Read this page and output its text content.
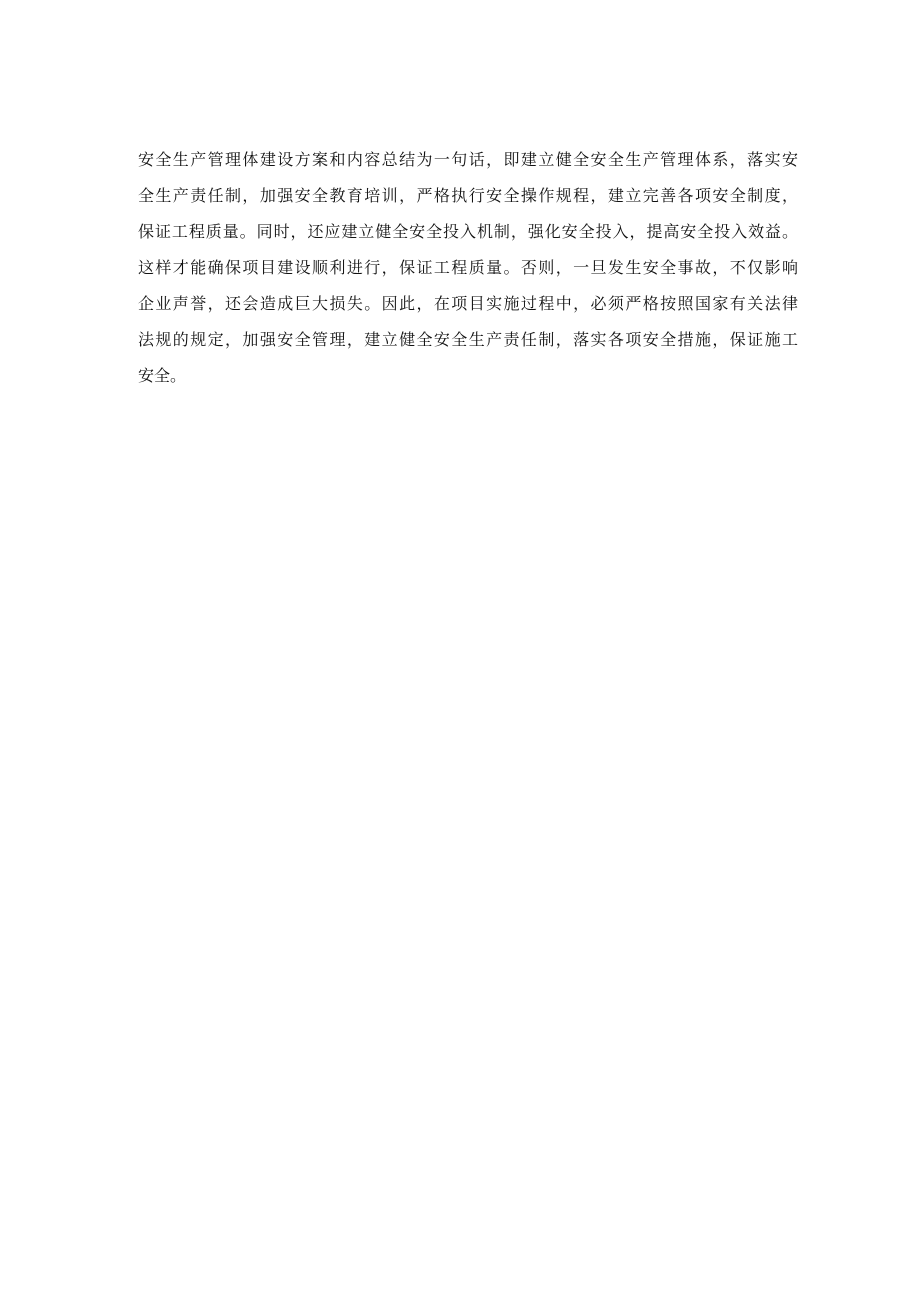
安全生产管理体建设方案和内容总结为一句话，即建立健全安全生产管理体系，落实安
全生产责任制，加强安全教育培训，严格执行安全操作规程，建立完善各项安全制度，
保证工程质量。同时，还应建立健全安全投入机制，强化安全投入，提高安全投入效益。
这样才能确保项目建设顺利进行，保证工程质量。否则，一旦发生安全事故，不仅影响
企业声誉，还会造成巨大损失。因此，在项目实施过程中，必须严格按照国家有关法律
法规的规定，加强安全管理，建立健全安全生产责任制，落实各项安全措施，保证施工
安全。
